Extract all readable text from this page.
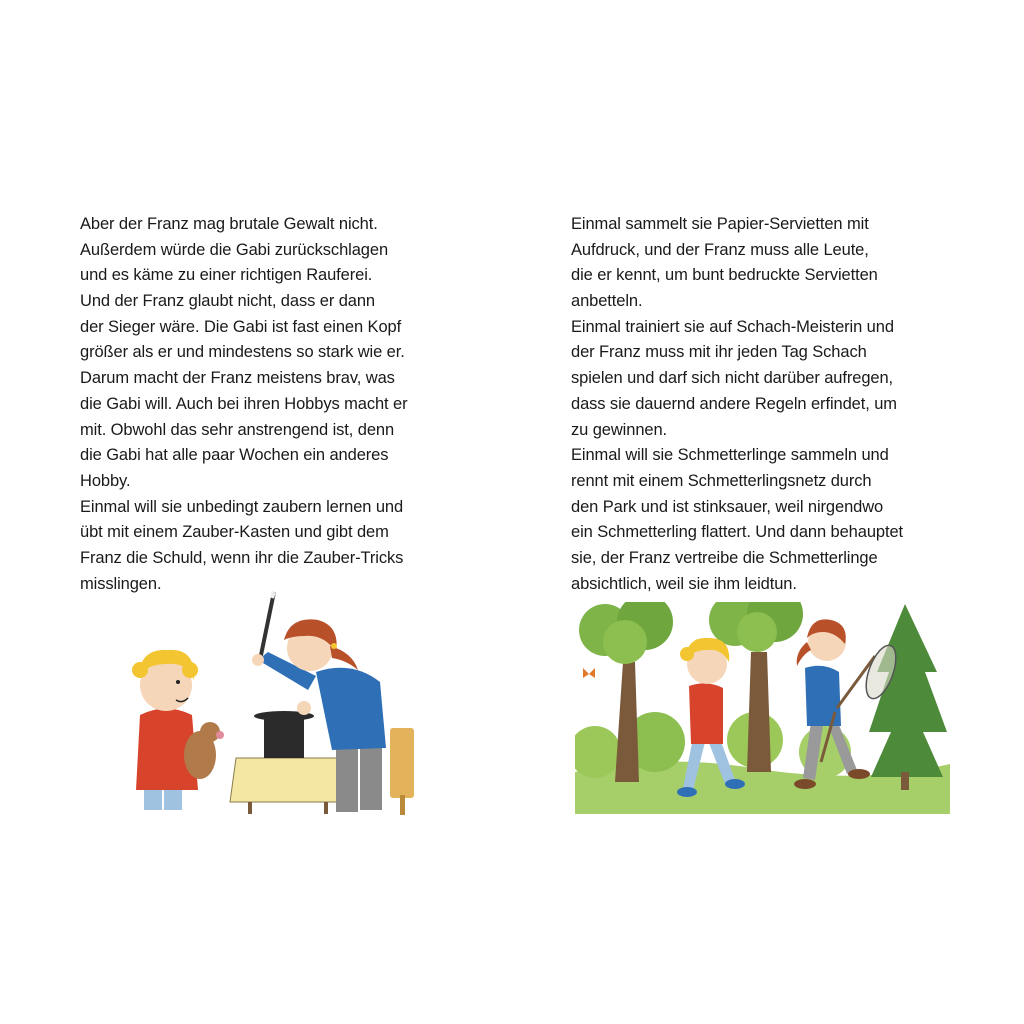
Aber der Franz mag brutale Gewalt nicht.
Außerdem würde die Gabi zurückschlagen
und es käme zu einer richtigen Rauferei.
Und der Franz glaubt nicht, dass er dann
der Sieger wäre. Die Gabi ist fast einen Kopf
größer als er und mindestens so stark wie er.
Darum macht der Franz meistens brav, was
die Gabi will. Auch bei ihren Hobbys macht er
mit. Obwohl das sehr anstrengend ist, denn
die Gabi hat alle paar Wochen ein anderes
Hobby.
Einmal will sie unbedingt zaubern lernen und
übt mit einem Zauber-Kasten und gibt dem
Franz die Schuld, wenn ihr die Zauber-Tricks
misslingen.
Einmal sammelt sie Papier-Servietten mit
Aufdruck, und der Franz muss alle Leute,
die er kennt, um bunt bedruckte Servietten
anbetteln.
Einmal trainiert sie auf Schach-Meisterin und
der Franz muss mit ihr jeden Tag Schach
spielen und darf sich nicht darüber aufregen,
dass sie dauernd andere Regeln erfindet, um
zu gewinnen.
Einmal will sie Schmetterlinge sammeln und
rennt mit einem Schmetterlingsnetz durch
den Park und ist stinksauer, weil nirgendwo
ein Schmetterling flattert. Und dann behauptet
sie, der Franz vertreibe die Schmetterlinge
absichtlich, weil sie ihm leidtun.
